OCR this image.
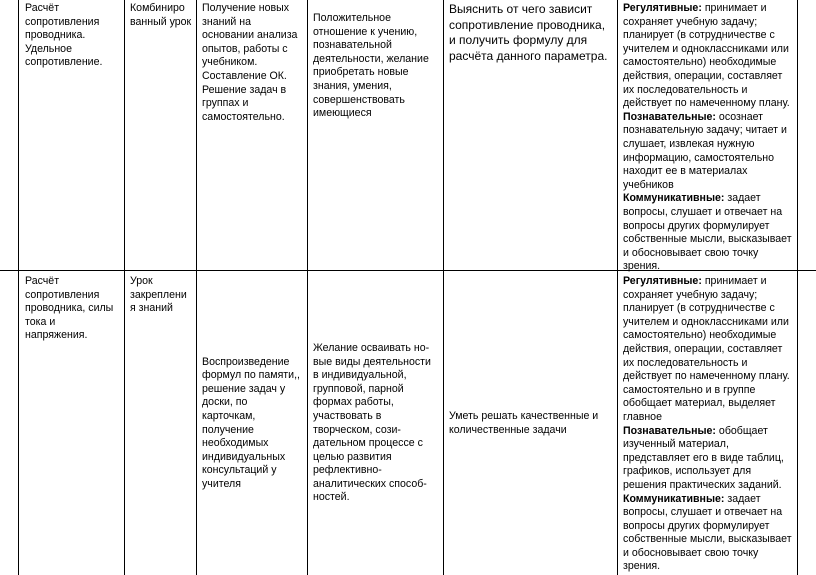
Расчёт сопротивления проводника. Удельное сопротивление.
Комбиниро ванный урок
Получение новых знаний на основании анализа опытов, работы с учебником. Составление ОК. Решение задач в группах и самостоятельно.
Положительное отношение к учению, познавательной деятельности, желание приобретать новые знания, умения, совершенствовать имеющиеся
Выяснить от чего зависит сопротивление проводника, и получить формулу для расчёта данного параметра.

Регулятивные: принимает и сохраняет учебную задачу; планирует (в сотрудничестве с учителем и одноклассниками или самостоятельно) необходимые действия, операции, составляет их последовательность и действует по намеченному плану.

Познавательные: осознает познавательную задачу; читает и слушает, извлекая нужную информацию, самостоятельно находит ее в материалах учебников

Коммуникативные: задает вопросы, слушает и отвечает на вопросы других формулирует собственные мысли, высказывает и обосновывает свою точку зрения.

Расчёт сопротивления проводника, силы тока и напряжения.
Урок закреплени я знаний
Воспроизведение формул по памяти,, решение задач у доски, по карточкам, получение необходимых индивидуальных консультаций у учителя
Желание осваивать но-вые виды деятельности в индивидуальной, групповой, парной формах работы, участвовать в творческом, сози-дательном процессе с целью развития рефлективно-аналитических способ-ностей.
Уметь решать качественные и количественные задачи

Регулятивные: принимает и сохраняет учебную задачу; планирует (в сотрудничестве с учителем и одноклассниками или самостоятельно) необходимые действия, операции, составляет их последовательность и действует по намеченному плану. самостоятельно и в группе обобщает материал, выделяет главное

Познавательные: обобщает изученный материал, представляет его в виде таблиц, графиков, использует для решения практических заданий.

Коммуникативные: задает вопросы, слушает и отвечает на вопросы других формулирует собственные мысли, высказывает и обосновывает свою точку зрения.
